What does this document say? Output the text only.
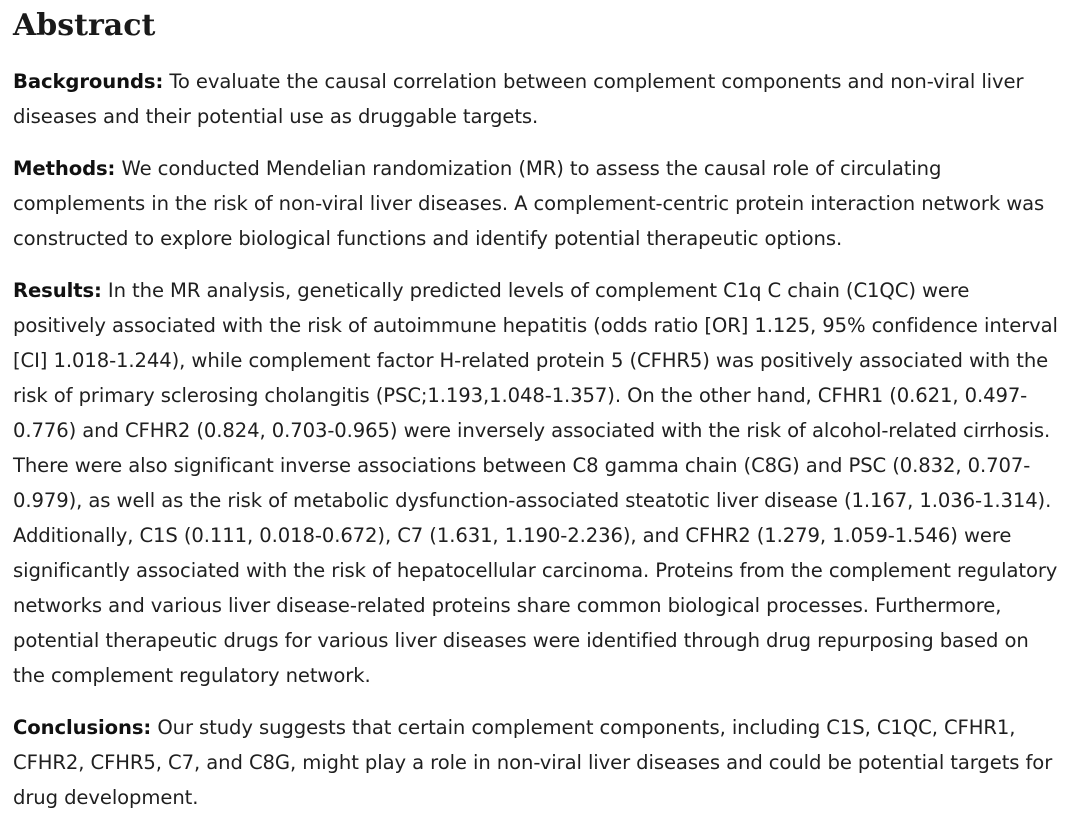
Abstract

Backgrounds: To evaluate the causal correlation between complement components and non-viral liver diseases and their potential use as druggable targets.

Methods: We conducted Mendelian randomization (MR) to assess the causal role of circulating complements in the risk of non-viral liver diseases. A complement-centric protein interaction network was constructed to explore biological functions and identify potential therapeutic options.

Results: In the MR analysis, genetically predicted levels of complement C1q C chain (C1QC) were positively associated with the risk of autoimmune hepatitis (odds ratio [OR] 1.125, 95% confidence interval [CI] 1.018-1.244), while complement factor H-related protein 5 (CFHR5) was positively associated with the risk of primary sclerosing cholangitis (PSC;1.193,1.048-1.357). On the other hand, CFHR1 (0.621, 0.497- 0.776) and CFHR2 (0.824, 0.703-0.965) were inversely associated with the risk of alcohol-related cirrhosis. There were also significant inverse associations between C8 gamma chain (C8G) and PSC (0.832, 0.707-0.979), as well as the risk of metabolic dysfunction-associated steatotic liver disease (1.167, 1.036-1.314). Additionally, C1S (0.111, 0.018-0.672), C7 (1.631, 1.190-2.236), and CFHR2 (1.279, 1.059-1.546) were significantly associated with the risk of hepatocellular carcinoma. Proteins from the complement regulatory networks and various liver disease-related proteins share common biological processes. Furthermore, potential therapeutic drugs for various liver diseases were identified through drug repurposing based on the complement regulatory network.

Conclusions: Our study suggests that certain complement components, including C1S, C1QC, CFHR1, CFHR2, CFHR5, C7, and C8G, might play a role in non-viral liver diseases and could be potential targets for drug development.
